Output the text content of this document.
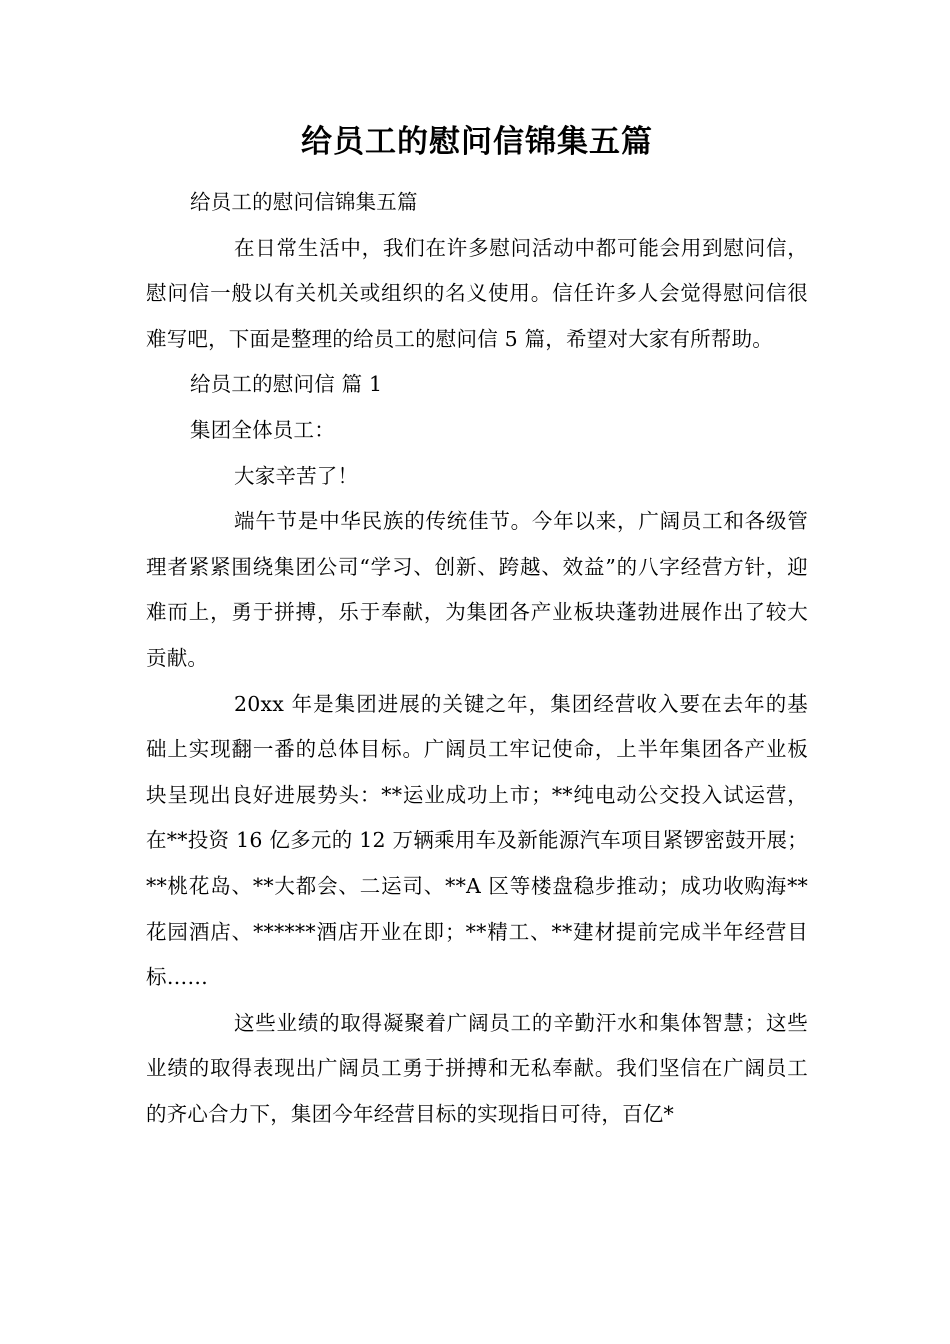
给员工的慰问信锦集五篇

给员工的慰问信锦集五篇

在日常生活中，我们在许多慰问活动中都可能会用到慰问信，慰问信一般以有关机关或组织的名义使用。信任许多人会觉得慰问信很难写吧，下面是整理的给员工的慰问信 5 篇，希望对大家有所帮助。

给员工的慰问信 篇 1

集团全体员工：

大家辛苦了！

端午节是中华民族的传统佳节。今年以来，广阔员工和各级管理者紧紧围绕集团公司“学习、创新、跨越、效益”的八字经营方针，迎难而上，勇于拼搏，乐于奉献，为集团各产业板块蓬勃进展作出了较大贡献。

20xx 年是集团进展的关键之年，集团经营收入要在去年的基础上实现翻一番的总体目标。广阔员工牢记使命，上半年集团各产业板块呈现出良好进展势头：**运业成功上市；**纯电动公交投入试运营，在**投资 16 亿多元的 12 万辆乘用车及新能源汽车项目紧锣密鼓开展；**桃花岛、**大都会、二运司、**A 区等楼盘稳步推动；成功收购海**花园酒店、******酒店开业在即；**精工、**建材提前完成半年经营目标……

这些业绩的取得凝聚着广阔员工的辛勤汗水和集体智慧；这些业绩的取得表现出广阔员工勇于拼搏和无私奉献。我们坚信在广阔员工的齐心合力下，集团今年经营目标的实现指日可待，百亿*
